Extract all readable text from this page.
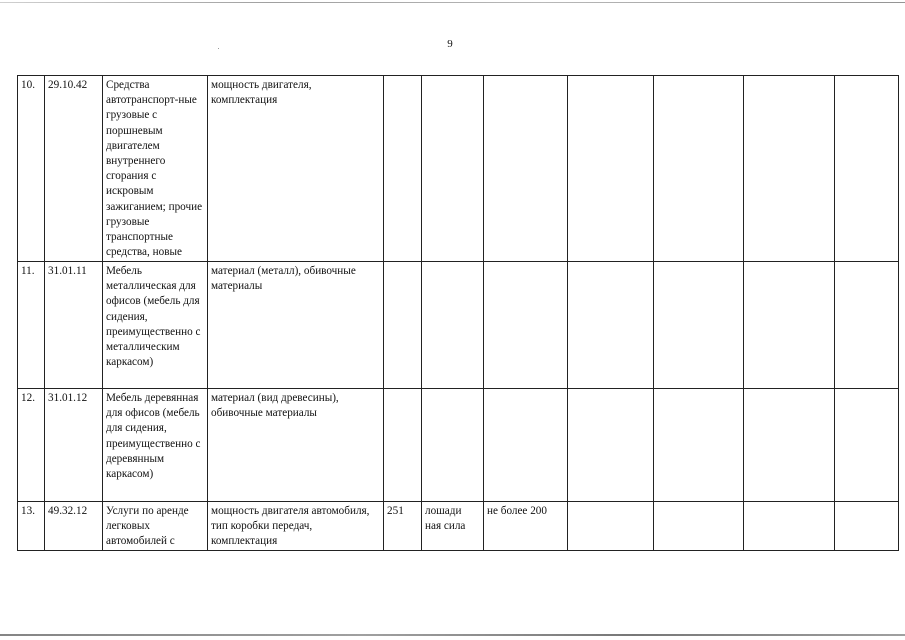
9
10.	29.10.42	Средства автотранспорт-ные грузовые с поршневым двигателем внутреннего сгорания с искровым зажиганием; прочие грузовые транспортные средства, новые	мощность двигателя, комплектация							
11.	31.01.11	Мебель металлическая для офисов (мебель для сидения, преимущественно с металлическим каркасом)	материал (металл), обивочные материалы							
12.	31.01.12	Мебель деревянная для офисов (мебель для сидения, преимущественно с деревянным каркасом)	материал (вид древесины), обивочные материалы							
13.	49.32.12	Услуги по аренде легковых автомобилей с	мощность двигателя автомобиля, тип коробки передач, комплектация	251	лошади ная сила	не более 200				
